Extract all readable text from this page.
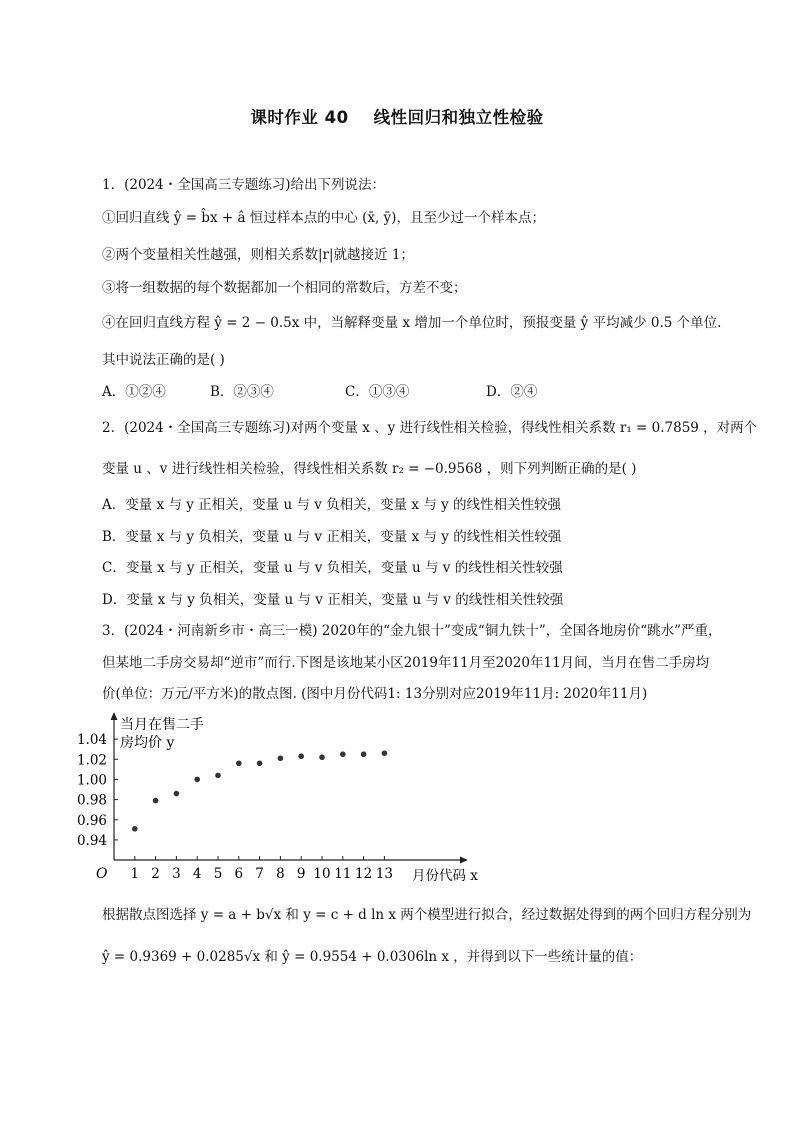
课时作业 40    线性回归和独立性检验
1．(2024・全国高三专题练习)给出下列说法：
①回归直线 ŷ = b̂x + â 恒过样本点的中心 (x̄, ȳ)，且至少过一个样本点；
②两个变量相关性越强，则相关系数|r|就越接近 1；
③将一组数据的每个数据都加一个相同的常数后，方差不变；
④在回归直线方程 ŷ = 2 − 0.5x 中，当解释变量 x 增加一个单位时，预报变量 ŷ 平均减少 0.5 个单位.
其中说法正确的是( )
A．①②④	B．②③④	C．①③④	D．②④
2．(2024・全国高三专题练习)对两个变量 x 、y 进行线性相关检验，得线性相关系数 r₁ = 0.7859 ，对两个
变量 u 、v 进行线性相关检验，得线性相关系数 r₂ = −0.9568 ，则下列判断正确的是( )
A．变量 x 与 y 正相关，变量 u 与 v 负相关，变量 x 与 y 的线性相关性较强
B．变量 x 与 y 负相关，变量 u 与 v 正相关，变量 x 与 y 的线性相关性较强
C．变量 x 与 y 正相关，变量 u 与 v 负相关，变量 u 与 v 的线性相关性较强
D．变量 x 与 y 负相关，变量 u 与 v 正相关，变量 u 与 v 的线性相关性较强
3．(2024・河南新乡市・高三一模) 2020年的“金九银十”变成“铜九铁十”，全国各地房价“跳水”严重，
但某地二手房交易却“逆市”而行.下图是该地某小区2019年11月至2020年11月间，当月在售二手房均
价(单位：万元/平方米)的散点图. (图中月份代码1: 13分别对应2019年11月: 2020年11月)
1 2 3 4 5 6 7 8 9 10 11 12 13
0.94
0.96
0.98
1.00
1.02
1.04
当月在售二手
房均价 y
月份代码 x
O
根据散点图选择 y = a + b√x 和 y = c + d ln x 两个模型进行拟合，经过数据处得到的两个回归方程分别为
ŷ = 0.9369 + 0.0285√x 和 ŷ = 0.9554 + 0.0306ln x ，并得到以下一些统计量的值：
